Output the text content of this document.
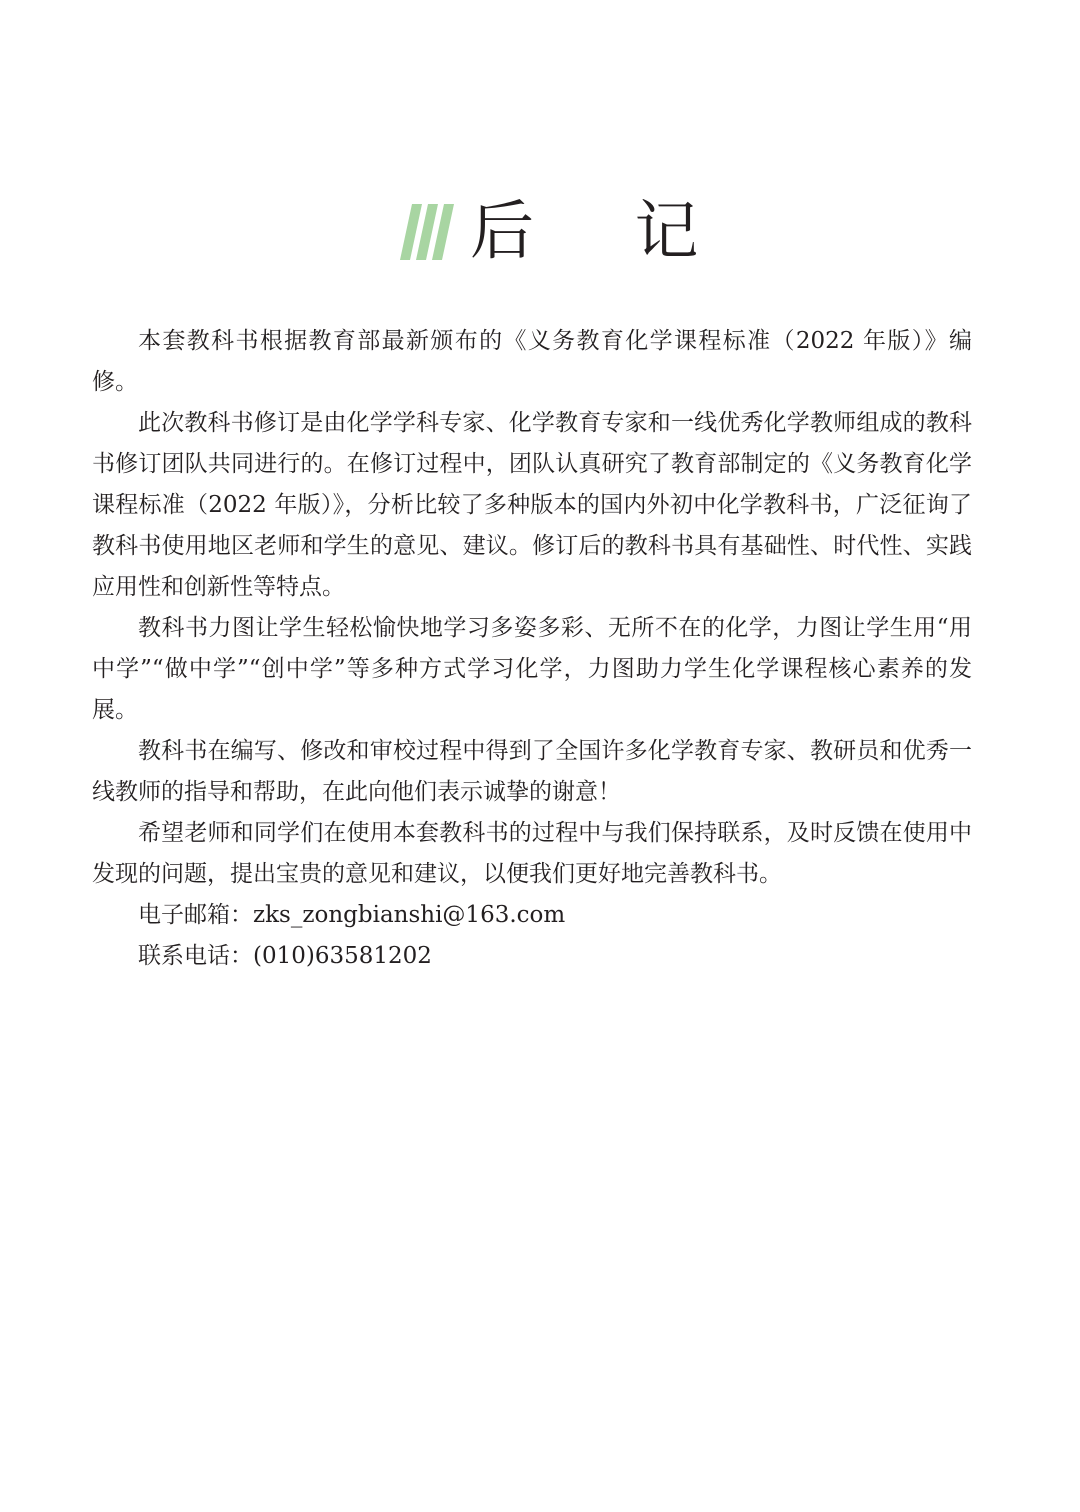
后 记

本套教科书根据教育部最新颁布的《义务教育化学课程标准（2022 年版）》编修。

此次教科书修订是由化学学科专家、化学教育专家和一线优秀化学教师组成的教科书修订团队共同进行的。在修订过程中，团队认真研究了教育部制定的《义务教育化学课程标准（2022 年版）》，分析比较了多种版本的国内外初中化学教科书，广泛征询了教科书使用地区老师和学生的意见、建议。修订后的教科书具有基础性、时代性、实践应用性和创新性等特点。

教科书力图让学生轻松愉快地学习多姿多彩、无所不在的化学，力图让学生用“用中学”“做中学”“创中学”等多种方式学习化学，力图助力学生化学课程核心素养的发展。

教科书在编写、修改和审校过程中得到了全国许多化学教育专家、教研员和优秀一线教师的指导和帮助，在此向他们表示诚挚的谢意！

希望老师和同学们在使用本套教科书的过程中与我们保持联系，及时反馈在使用中发现的问题，提出宝贵的意见和建议，以便我们更好地完善教科书。

电子邮箱：zks_zongbianshi@163.com

联系电话：(010)63581202
